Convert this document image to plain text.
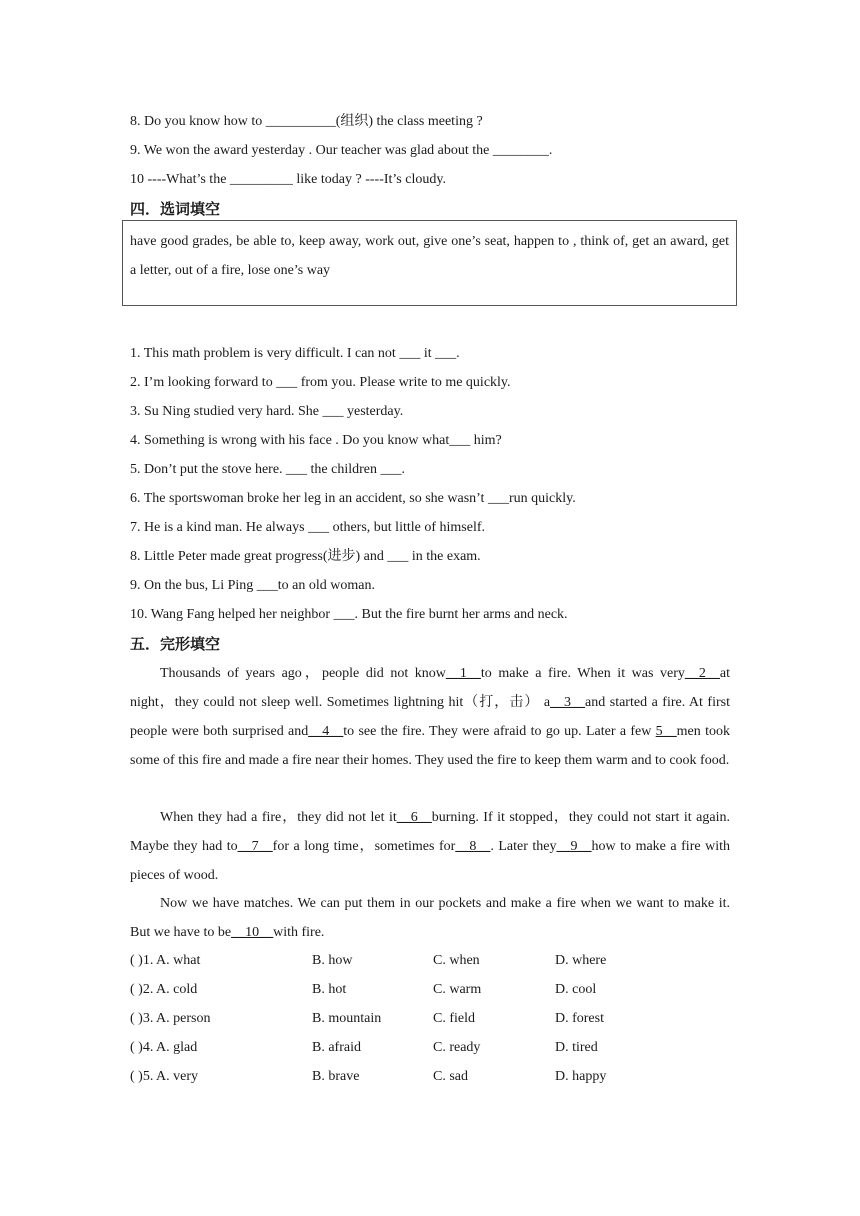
8. Do you know how to __________(组织) the class meeting ?
9. We won the award yesterday . Our teacher was glad about the ________.
10 ----What’s the _________ like today ? ----It’s cloudy.
四．选词填空
have good grades, be able to, keep away, work out, give one’s seat, happen to , think of, get an award, get a letter, out of a fire, lose one’s way
1. This math problem is very difficult. I can not ___ it ___.
2. I’m looking forward to ___ from you. Please write to me quickly.
3. Su Ning studied very hard. She ___ yesterday.
4. Something is wrong with his face . Do you know what___ him?
5. Don’t put the stove here. ___ the children ___.
6. The sportswoman broke her leg in an accident, so she wasn’t ___run quickly.
7. He is a kind man. He always ___ others, but little of himself.
8. Little Peter made great progress(进步) and ___ in the exam.
9. On the bus, Li Ping ___to an old woman.
10. Wang Fang helped her neighbor ___. But the fire burnt her arms and neck.
五．完形填空
Thousands of years ago，people did not know__1__to make a fire. When it was very__2__at night，they could not sleep well. Sometimes lightning hit（打，击） a__3__and started a fire. At first people were both surprised and__4__to see the fire. They were afraid to go up. Later a few 5__men took some of this fire and made a fire near their homes. They used the fire to keep them warm and to cook food.
When they had a fire，they did not let it__6__burning. If it stopped，they could not start it again. Maybe they had to__7__for a long time，sometimes for__8__. Later they__9__how to make a fire with pieces of wood.
Now we have matches. We can put them in our pockets and make a fire when we want to make it. But we have to be__10__with fire.
( )1. A. what	B. how	C. when	D. where
( )2. A. cold	B. hot	C. warm	D. cool
( )3. A. person	B. mountain	C. field	D. forest
( )4. A. glad	B. afraid	C. ready	D. tired
( )5. A. very	B. brave	C. sad	D. happy
